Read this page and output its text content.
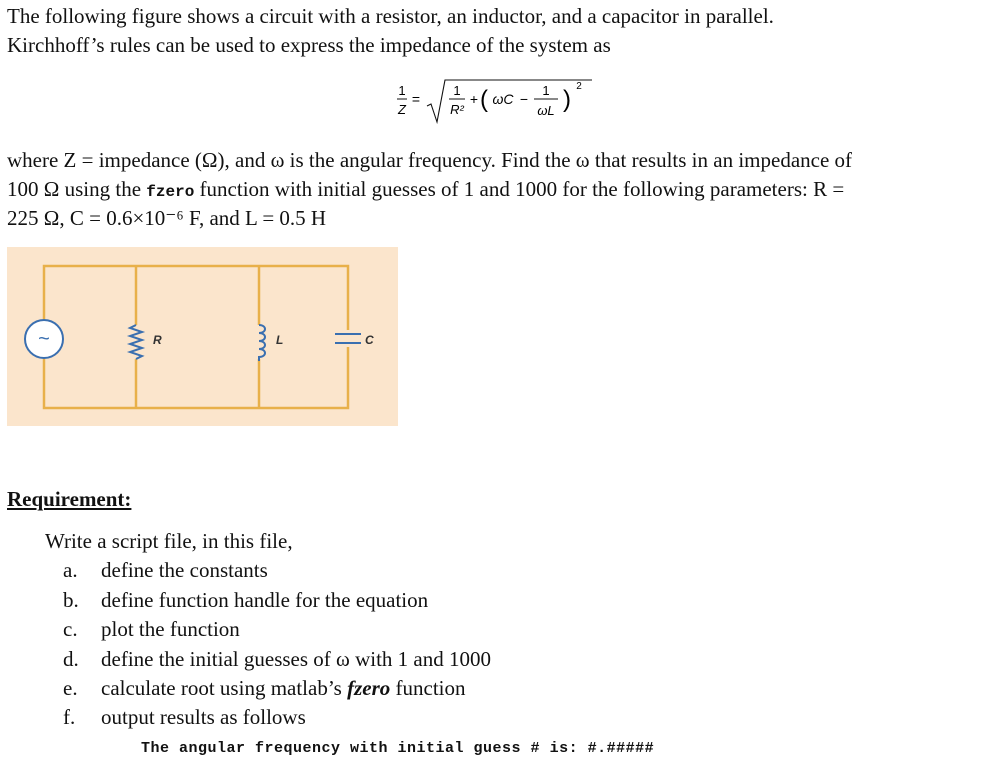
The following figure shows a circuit with a resistor, an inductor, and a capacitor in parallel.
Kirchhoff’s rules can be used to express the impedance of the system as
1
Z
=
1
R²
+ ( ωC −
1
ωL ) 2
where Z = impedance (Ω), and ω is the angular frequency. Find the ω that results in an impedance of
100 Ω using the fzero function with initial guesses of 1 and 1000 for the following parameters: R =
225 Ω, C = 0.6×10⁻⁶ F, and L = 0.5 H
~	R	L	C
Requirement:
Write a script file, in this file,
a. define the constants
b. define function handle for the equation
c. plot the function
d. define the initial guesses of ω with 1 and 1000
e. calculate root using matlab’s fzero function
f. output results as follows
The angular frequency with initial guess # is: #.#####
